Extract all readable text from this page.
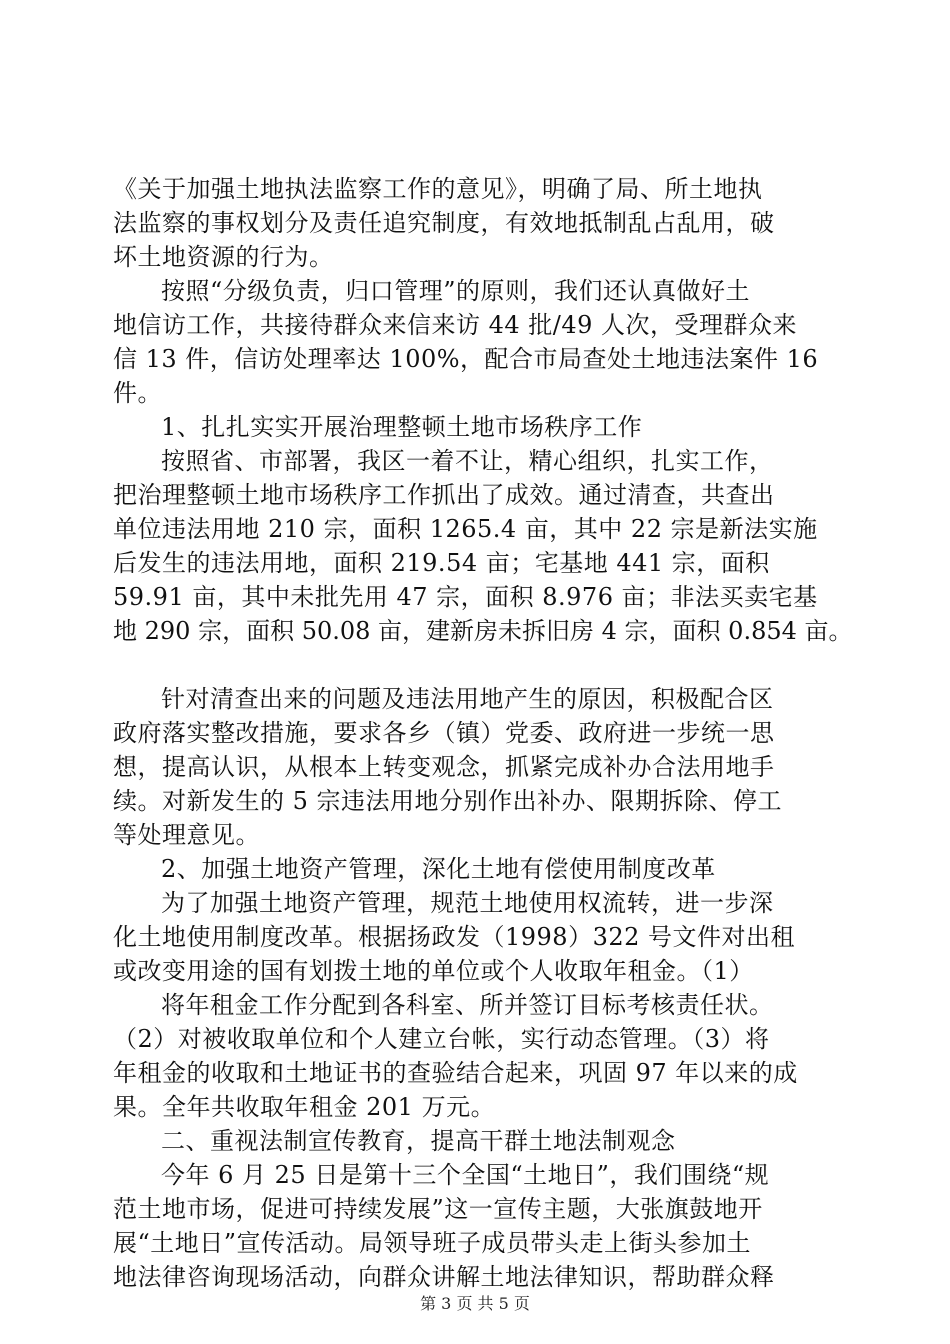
《关于加强土地执法监察工作的意见》，明确了局、所土地执
法监察的事权划分及责任追究制度，有效地抵制乱占乱用，破
坏土地资源的行为。
按照“分级负责，归口管理”的原则，我们还认真做好土
地信访工作，共接待群众来信来访 44 批/49 人次，受理群众来
信 13 件，信访处理率达 100%，配合市局查处土地违法案件 16
件。
1、扎扎实实开展治理整顿土地市场秩序工作
按照省、市部署，我区一着不让，精心组织，扎实工作，
把治理整顿土地市场秩序工作抓出了成效。通过清查，共查出
单位违法用地 210 宗，面积 1265.4 亩，其中 22 宗是新法实施
后发生的违法用地，面积 219.54 亩；宅基地 441 宗，面积
59.91 亩，其中未批先用 47 宗，面积 8.976 亩；非法买卖宅基
地 290 宗，面积 50.08 亩，建新房未拆旧房 4 宗，面积 0.854 亩。
针对清查出来的问题及违法用地产生的原因，积极配合区
政府落实整改措施，要求各乡（镇）党委、政府进一步统一思
想，提高认识，从根本上转变观念，抓紧完成补办合法用地手
续。对新发生的 5 宗违法用地分别作出补办、限期拆除、停工
等处理意见。
2、加强土地资产管理，深化土地有偿使用制度改革
为了加强土地资产管理，规范土地使用权流转，进一步深
化土地使用制度改革。根据扬政发（1998）322 号文件对出租
或改变用途的国有划拨土地的单位或个人收取年租金。（1）
将年租金工作分配到各科室、所并签订目标考核责任状。
（2）对被收取单位和个人建立台帐，实行动态管理。（3）将
年租金的收取和土地证书的查验结合起来，巩固 97 年以来的成
果。全年共收取年租金 201 万元。
二、重视法制宣传教育，提高干群土地法制观念
今年 6 月 25 日是第十三个全国“土地日”，我们围绕“规
范土地市场，促进可持续发展”这一宣传主题，大张旗鼓地开
展“土地日”宣传活动。局领导班子成员带头走上街头参加土
地法律咨询现场活动，向群众讲解土地法律知识，帮助群众释
第 3 页 共 5 页
